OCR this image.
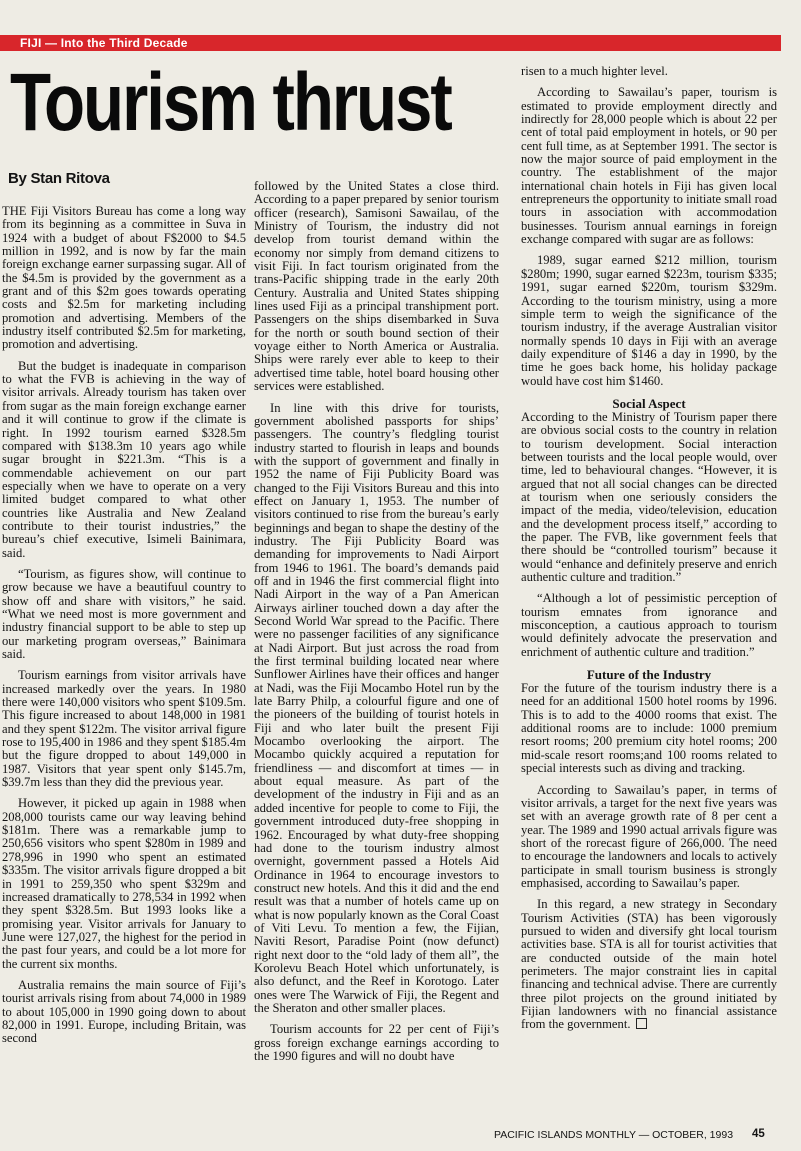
FIJI — Into the Third Decade
Tourism thrust
By Stan Ritova

THE Fiji Visitors Bureau has come a long way from its beginning as a committee in Suva in 1924 with a budget of about F$2000 to $4.5 million in 1992, and is now by far the main foreign exchange earner surpassing sugar. All of the $4.5m is provided by the government as a grant and of this $2m goes towards operating costs and $2.5m for marketing including promotion and advertising. Members of the industry itself contributed $2.5m for marketing, promotion and advertising.

But the budget is inadequate in comparison to what the FVB is achieving in the way of visitor arrivals. Already tourism has taken over from sugar as the main foreign exchange earner and it will continue to grow if the climate is right. In 1992 tourism earned $328.5m compared with $138.3m 10 years ago while sugar brought in $221.3m. “This is a commendable achievement on our part especially when we have to operate on a very limited budget compared to what other countries like Australia and New Zealand contribute to their tourist industries,” the bureau’s chief executive, Isimeli Bainimara, said.

“Tourism, as figures show, will continue to grow because we have a beautifuul country to show off and share with visitors,” he said. “What we need most is more government and industry financial support to be able to step up our marketing program overseas,” Bainimara said.

Tourism earnings from visitor arrivals have increased markedly over the years. In 1980 there were 140,000 visitors who spent $109.5m. This figure increased to about 148,000 in 1981 and they spent $122m. The visitor arrival figure rose to 195,400 in 1986 and they spent $185.4m but the figure dropped to about 149,000 in 1987. Visitors that year spent only $145.7m, $39.7m less than they did the previous year.

However, it picked up again in 1988 when 208,000 tourists came our way leaving behind $181m. There was a remarkable jump to 250,656 visitors who spent $280m in 1989 and 278,996 in 1990 who spent an estimated $335m. The visitor arrivals figure dropped a bit in 1991 to 259,350 who spent $329m and increased dramatically to 278,534 in 1992 when they spent $328.5m. But 1993 looks like a promising year. Visitor arrivals for January to June were 127,027, the highest for the period in the past four years, and could be a lot more for the current six months.

Australia remains the main source of Fiji’s tourist arrivals rising from about 74,000 in 1989 to about 105,000 in 1990 going down to about 82,000 in 1991. Europe, including Britain, was second

followed by the United States a close third. According to a paper prepared by senior tourism officer (research), Samisoni Sawailau, of the Ministry of Tourism, the industry did not develop from tourist demand within the economy nor simply from demand citizens to visit Fiji. In fact tourism originated from the trans-Pacific shipping trade in the early 20th Century. Australia and United States shipping lines used Fiji as a principal transhipment port. Passengers on the ships disembarked in Suva for the north or south bound section of their voyage either to North America or Australia. Ships were rarely ever able to keep to their advertised time table, hotel board housing other services were established.

In line with this drive for tourists, government abolished passports for ships’ passengers. The country’s fledgling tourist industry started to flourish in leaps and bounds with the support of government and finally in 1952 the name of Fiji Publicity Board was changed to the Fiji Visitors Bureau and this into effect on January 1, 1953. The number of visitors continued to rise from the bureau’s early beginnings and began to shape the destiny of the industry. The Fiji Publicity Board was demanding for improvements to Nadi Airport from 1946 to 1961. The board’s demands paid off and in 1946 the first commercial flight into Nadi Airport in the way of a Pan American Airways airliner touched down a day after the Second World War spread to the Pacific. There were no passenger facilities of any significance at Nadi Airport. But just across the road from the first terminal building located near where Sunflower Airlines have their offices and hanger at Nadi, was the Fiji Mocambo Hotel run by the late Barry Philp, a colourful figure and one of the pioneers of the building of tourist hotels in Fiji and who later built the present Fiji Mocambo overlooking the airport. The Mocambo quickly acquired a reputation for friendliness — and discomfort at times — in about equal measure. As part of the development of the industry in Fiji and as an added incentive for people to come to Fiji, the government introduced duty-free shopping in 1962. Encouraged by what duty-free shopping had done to the tourism industry almost overnight, government passed a Hotels Aid Ordinance in 1964 to encourage investors to construct new hotels. And this it did and the end result was that a number of hotels came up on what is now popularly known as the Coral Coast of Viti Levu. To mention a few, the Fijian, Naviti Resort, Paradise Point (now defunct) right next door to the “old lady of them all”, the Korolevu Beach Hotel which unfortunately, is also defunct, and the Reef in Korotogo. Later ones were The Warwick of Fiji, the Regent and the Sheraton and other smaller places.

Tourism accounts for 22 per cent of Fiji’s gross foreign exchange earnings according to the 1990 figures and will no doubt have

risen to a much highter level.

According to Sawailau’s paper, tourism is estimated to provide employment directly and indirectly for 28,000 people which is about 22 per cent of total paid employment in hotels, or 90 per cent full time, as at September 1991. The sector is now the major source of paid employment in the country. The establishment of the major international chain hotels in Fiji has given local entrepreneurs the opportunity to initiate small road tours in association with accommodation businesses. Tourism annual earnings in foreign exchange compared with sugar are as follows:

1989, sugar earned $212 million, tourism $280m; 1990, sugar earned $223m, tourism $335; 1991, sugar earned $220m, tourism $329m. According to the tourism ministry, using a more simple term to weigh the significance of the tourism industry, if the average Australian visitor normally spends 10 days in Fiji with an average daily expenditure of $146 a day in 1990, by the time he goes back home, his holiday package would have cost him $1460.

Social Aspect

According to the Ministry of Tourism paper there are obvious social costs to the country in relation to tourism development. Social interaction between tourists and the local people would, over time, led to behavioural changes. “However, it is argued that not all social changes can be directed at tourism when one seriously considers the impact of the media, video/television, education and the development process itself,” according to the paper. The FVB, like government feels that there should be “controlled tourism” because it would “enhance and definitely preserve and enrich authentic culture and tradition.”

“Although a lot of pessimistic perception of tourism emnates from ignorance and misconception, a cautious approach to tourism would definitely advocate the preservation and enrichment of authentic culture and tradition.”

Future of the Industry

For the future of the tourism industry there is a need for an additional 1500 hotel rooms by 1996. This is to add to the 4000 rooms that exist. The additional rooms are to include: 1000 premium resort rooms; 200 premium city hotel rooms; 200 mid-scale resort rooms;and 100 rooms related to special interests such as diving and tracking.

According to Sawailau’s paper, in terms of visitor arrivals, a target for the next five years was set with an average growth rate of 8 per cent a year. The 1989 and 1990 actual arrivals figure was short of the rorecast figure of 266,000. The need to encourage the landowners and locals to actively participate in small tourism business is strongly emphasised, according to Sawailau’s paper.

In this regard, a new strategy in Secondary Tourism Activities (STA) has been vigorously pursued to widen and diversify ght local tourism activities base. STA is all for tourist activities that are conducted outside of the main hotel perimeters. The major constraint lies in capital financing and technical advise. There are currently three pilot projects on the ground initiated by Fijian landowners with no financial assistance from the government.

PACIFIC ISLANDS MONTHLY — OCTOBER, 1993 45
